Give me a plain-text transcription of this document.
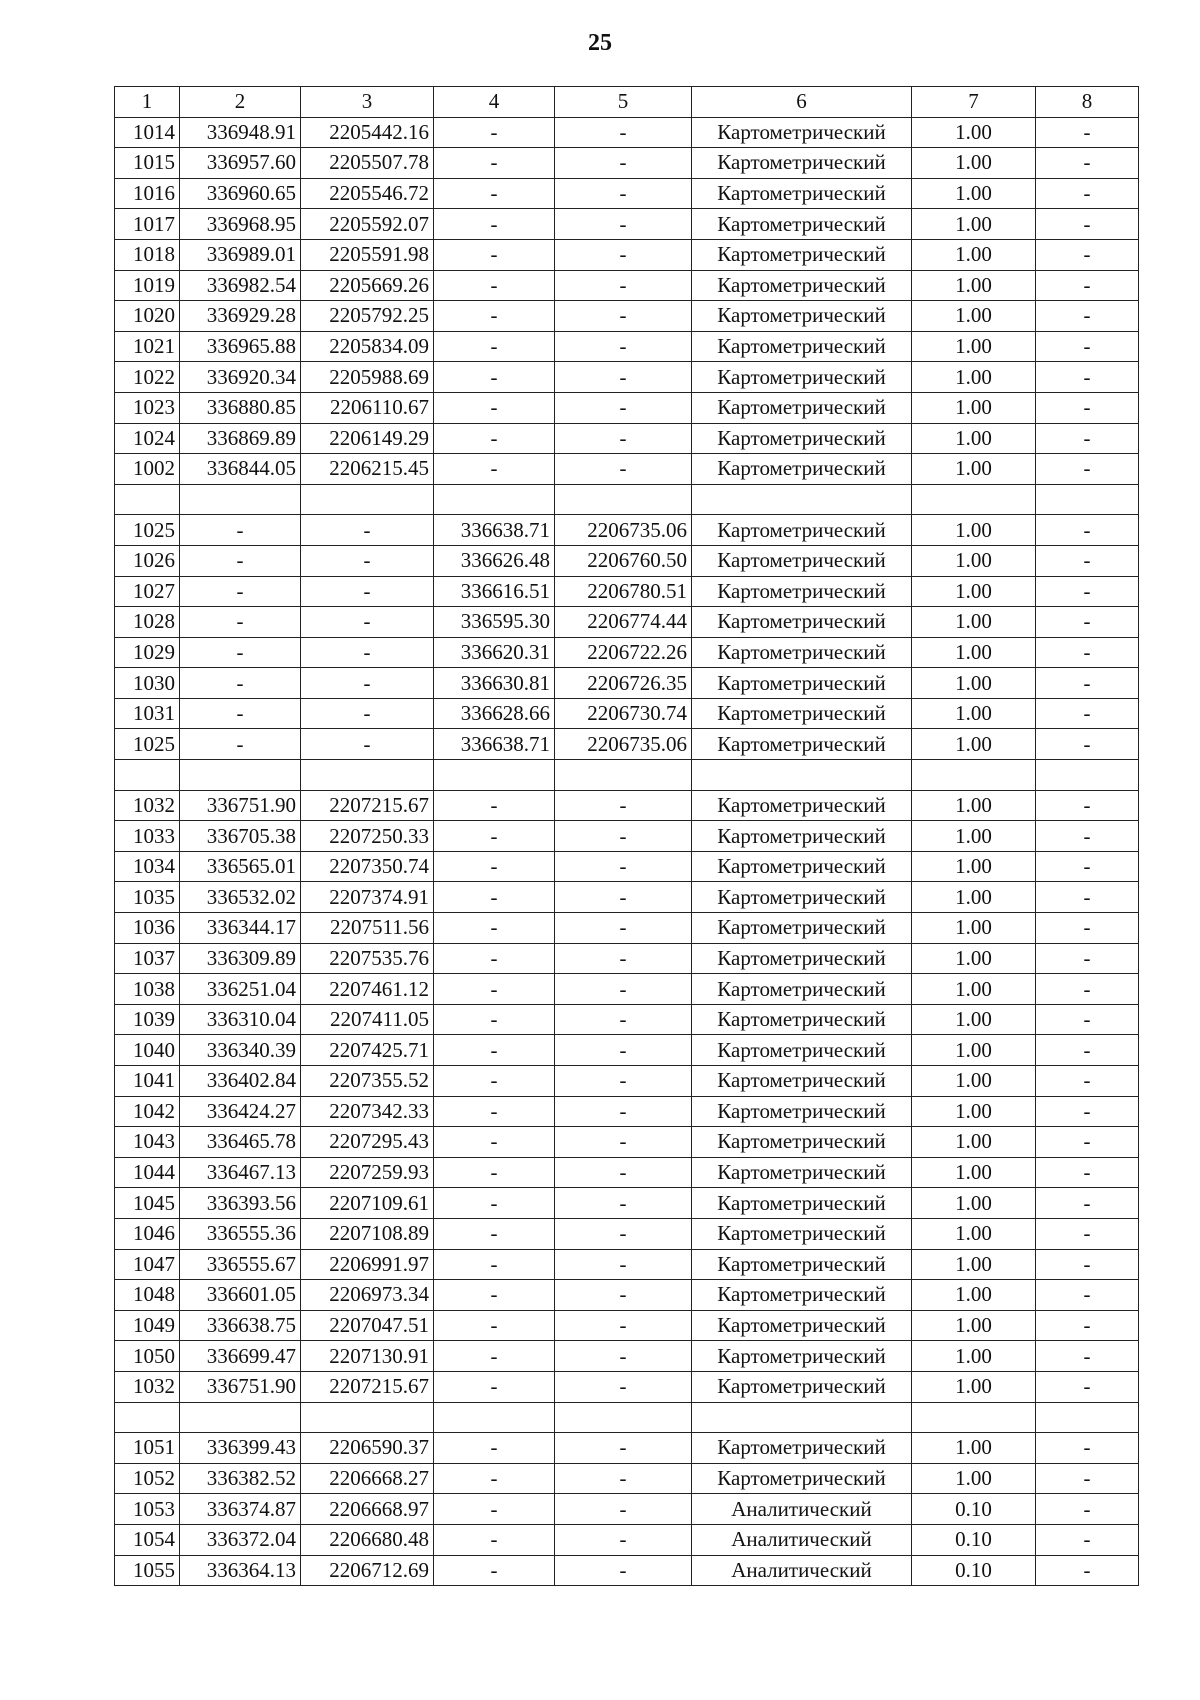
25
1	2	3	4	5	6	7	8
1014	336948.91	2205442.16	-	-	Картометрический	1.00	-
1015	336957.60	2205507.78	-	-	Картометрический	1.00	-
1016	336960.65	2205546.72	-	-	Картометрический	1.00	-
1017	336968.95	2205592.07	-	-	Картометрический	1.00	-
1018	336989.01	2205591.98	-	-	Картометрический	1.00	-
1019	336982.54	2205669.26	-	-	Картометрический	1.00	-
1020	336929.28	2205792.25	-	-	Картометрический	1.00	-
1021	336965.88	2205834.09	-	-	Картометрический	1.00	-
1022	336920.34	2205988.69	-	-	Картометрический	1.00	-
1023	336880.85	2206110.67	-	-	Картометрический	1.00	-
1024	336869.89	2206149.29	-	-	Картометрический	1.00	-
1002	336844.05	2206215.45	-	-	Картометрический	1.00	-

1025	-	-	336638.71	2206735.06	Картометрический	1.00	-
1026	-	-	336626.48	2206760.50	Картометрический	1.00	-
1027	-	-	336616.51	2206780.51	Картометрический	1.00	-
1028	-	-	336595.30	2206774.44	Картометрический	1.00	-
1029	-	-	336620.31	2206722.26	Картометрический	1.00	-
1030	-	-	336630.81	2206726.35	Картометрический	1.00	-
1031	-	-	336628.66	2206730.74	Картометрический	1.00	-
1025	-	-	336638.71	2206735.06	Картометрический	1.00	-

1032	336751.90	2207215.67	-	-	Картометрический	1.00	-
1033	336705.38	2207250.33	-	-	Картометрический	1.00	-
1034	336565.01	2207350.74	-	-	Картометрический	1.00	-
1035	336532.02	2207374.91	-	-	Картометрический	1.00	-
1036	336344.17	2207511.56	-	-	Картометрический	1.00	-
1037	336309.89	2207535.76	-	-	Картометрический	1.00	-
1038	336251.04	2207461.12	-	-	Картометрический	1.00	-
1039	336310.04	2207411.05	-	-	Картометрический	1.00	-
1040	336340.39	2207425.71	-	-	Картометрический	1.00	-
1041	336402.84	2207355.52	-	-	Картометрический	1.00	-
1042	336424.27	2207342.33	-	-	Картометрический	1.00	-
1043	336465.78	2207295.43	-	-	Картометрический	1.00	-
1044	336467.13	2207259.93	-	-	Картометрический	1.00	-
1045	336393.56	2207109.61	-	-	Картометрический	1.00	-
1046	336555.36	2207108.89	-	-	Картометрический	1.00	-
1047	336555.67	2206991.97	-	-	Картометрический	1.00	-
1048	336601.05	2206973.34	-	-	Картометрический	1.00	-
1049	336638.75	2207047.51	-	-	Картометрический	1.00	-
1050	336699.47	2207130.91	-	-	Картометрический	1.00	-
1032	336751.90	2207215.67	-	-	Картометрический	1.00	-

1051	336399.43	2206590.37	-	-	Картометрический	1.00	-
1052	336382.52	2206668.27	-	-	Картометрический	1.00	-
1053	336374.87	2206668.97	-	-	Аналитический	0.10	-
1054	336372.04	2206680.48	-	-	Аналитический	0.10	-
1055	336364.13	2206712.69	-	-	Аналитический	0.10	-
